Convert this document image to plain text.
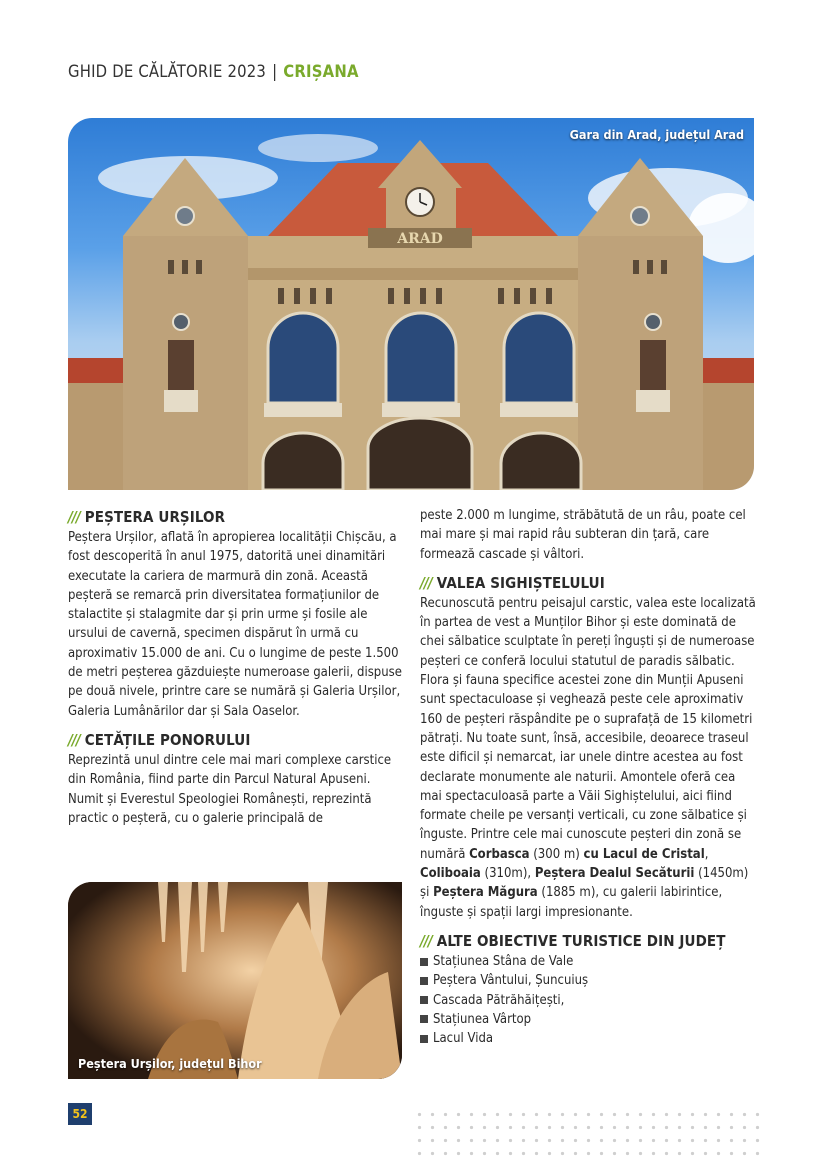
GHID DE CĂLĂTORIE 2023 | CRIȘANA
ARAD
Gara din Arad, județul Arad
/// PEȘTERA URȘILOR

Peștera Urșilor, aflată în apropierea localității Chișcău, a fost descoperită în anul 1975, datorită unei dinamitări executate la cariera de marmură din zonă. Această peșteră se remarcă prin diversitatea formațiunilor de stalactite și stalagmite dar și prin urme și fosile ale ursului de cavernă, specimen dispărut în urmă cu aproximativ 15.000 de ani. Cu o lungime de peste 1.500 de metri peșterea găzduiește numeroase galerii, dispuse pe două nivele, printre care se numără și Galeria Urșilor, Galeria Lumânărilor dar și Sala Oaselor.

/// CETĂȚILE PONORULUI

Reprezintă unul dintre cele mai mari complexe carstice din România, fiind parte din Parcul Natural Apuseni. Numit și Everestul Speologiei Românești, reprezintă practic o peșteră, cu o galerie principală de

Peștera Urșilor, județul Bihor

peste 2.000 m lungime, străbătută de un râu, poate cel mai mare și mai rapid râu subteran din țară, care formează cascade și vâltori.

/// VALEA SIGHIȘTELULUI

Recunoscută pentru peisajul carstic, valea este localizată în partea de vest a Munților Bihor și este dominată de chei sălbatice sculptate în pereți înguști și de numeroase peșteri ce conferă locului statutul de paradis sălbatic. Flora și fauna specifice acestei zone din Munții Apuseni sunt spectaculoase și veghează peste cele aproximativ 160 de peșteri răspândite pe o suprafață de 15 kilometri pătrați. Nu toate sunt, însă, accesibile, deoarece traseul este dificil și nemarcat, iar unele dintre acestea au fost declarate monumente ale naturii. Amontele oferă cea mai spectaculoasă parte a Văii Sighiștelului, aici fiind formate cheile pe versanți verticali, cu zone sălbatice și înguste. Printre cele mai cunoscute peșteri din zonă se numără Corbasca (300 m) cu Lacul de Cristal, Coliboaia (310m), Peștera Dealul Secăturii (1450m) și Peștera Măgura (1885 m), cu galerii labirintice, înguste și spații largi impresionante.

/// ALTE OBIECTIVE TURISTICE DIN JUDEȚ
Stațiunea Stâna de Vale
Peștera Vântului, Șuncuiuș
Cascada Pătrăhăițești,
Stațiunea Vârtop
Lacul Vida
52
